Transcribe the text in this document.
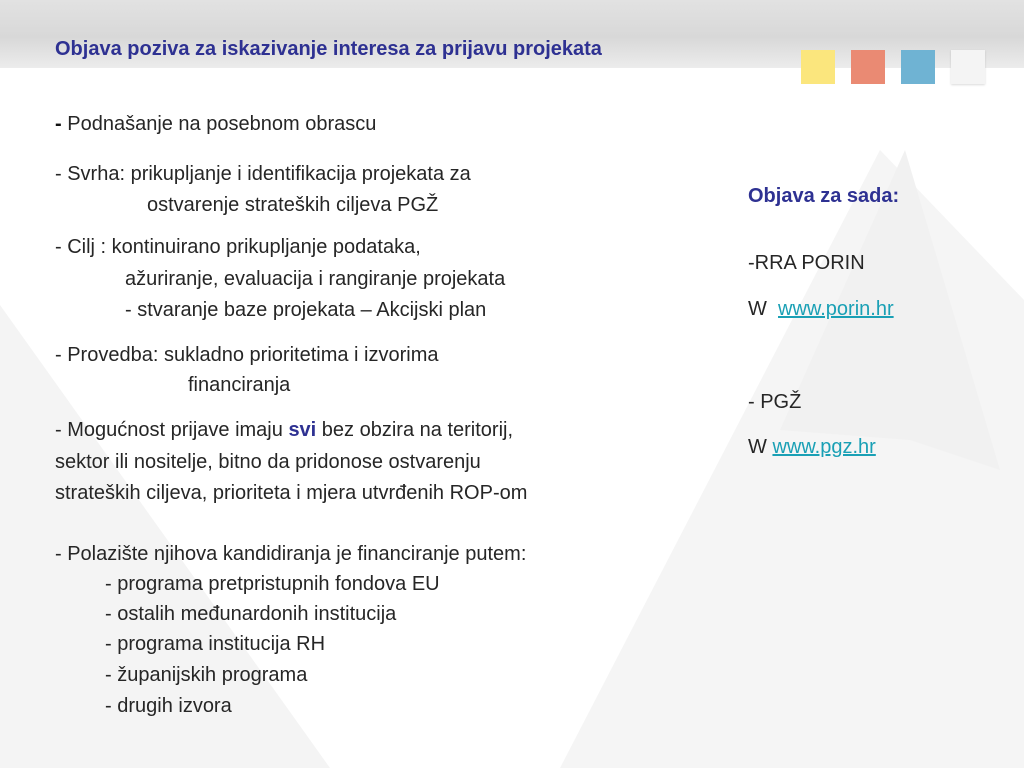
Objava poziva za iskazivanje interesa za prijavu projekata
- Podnašanje na posebnom obrascu
- Svrha: prikupljanje i identifikacija projekata za
ostvarenje strateških ciljeva PGŽ
- Cilj : kontinuirano prikupljanje podataka,
ažuriranje, evaluacija i rangiranje projekata
- stvaranje baze projekata – Akcijski plan
- Provedba: sukladno prioritetima i izvorima
financiranja
- Mogućnost prijave imaju svi bez obzira na teritorij,
sektor ili nositelje, bitno da pridonose ostvarenju
strateških ciljeva, prioriteta i mjera utvrđenih ROP-om
- Polazište njihova kandidiranja je financiranje putem:
- programa pretpristupnih fondova EU
- ostalih međunardonih institucija
- programa institucija RH
- županijskih programa
- drugih izvora
Objava za sada:
-RRA PORIN
W www.porin.hr
- PGŽ
W www.pgz.hr
